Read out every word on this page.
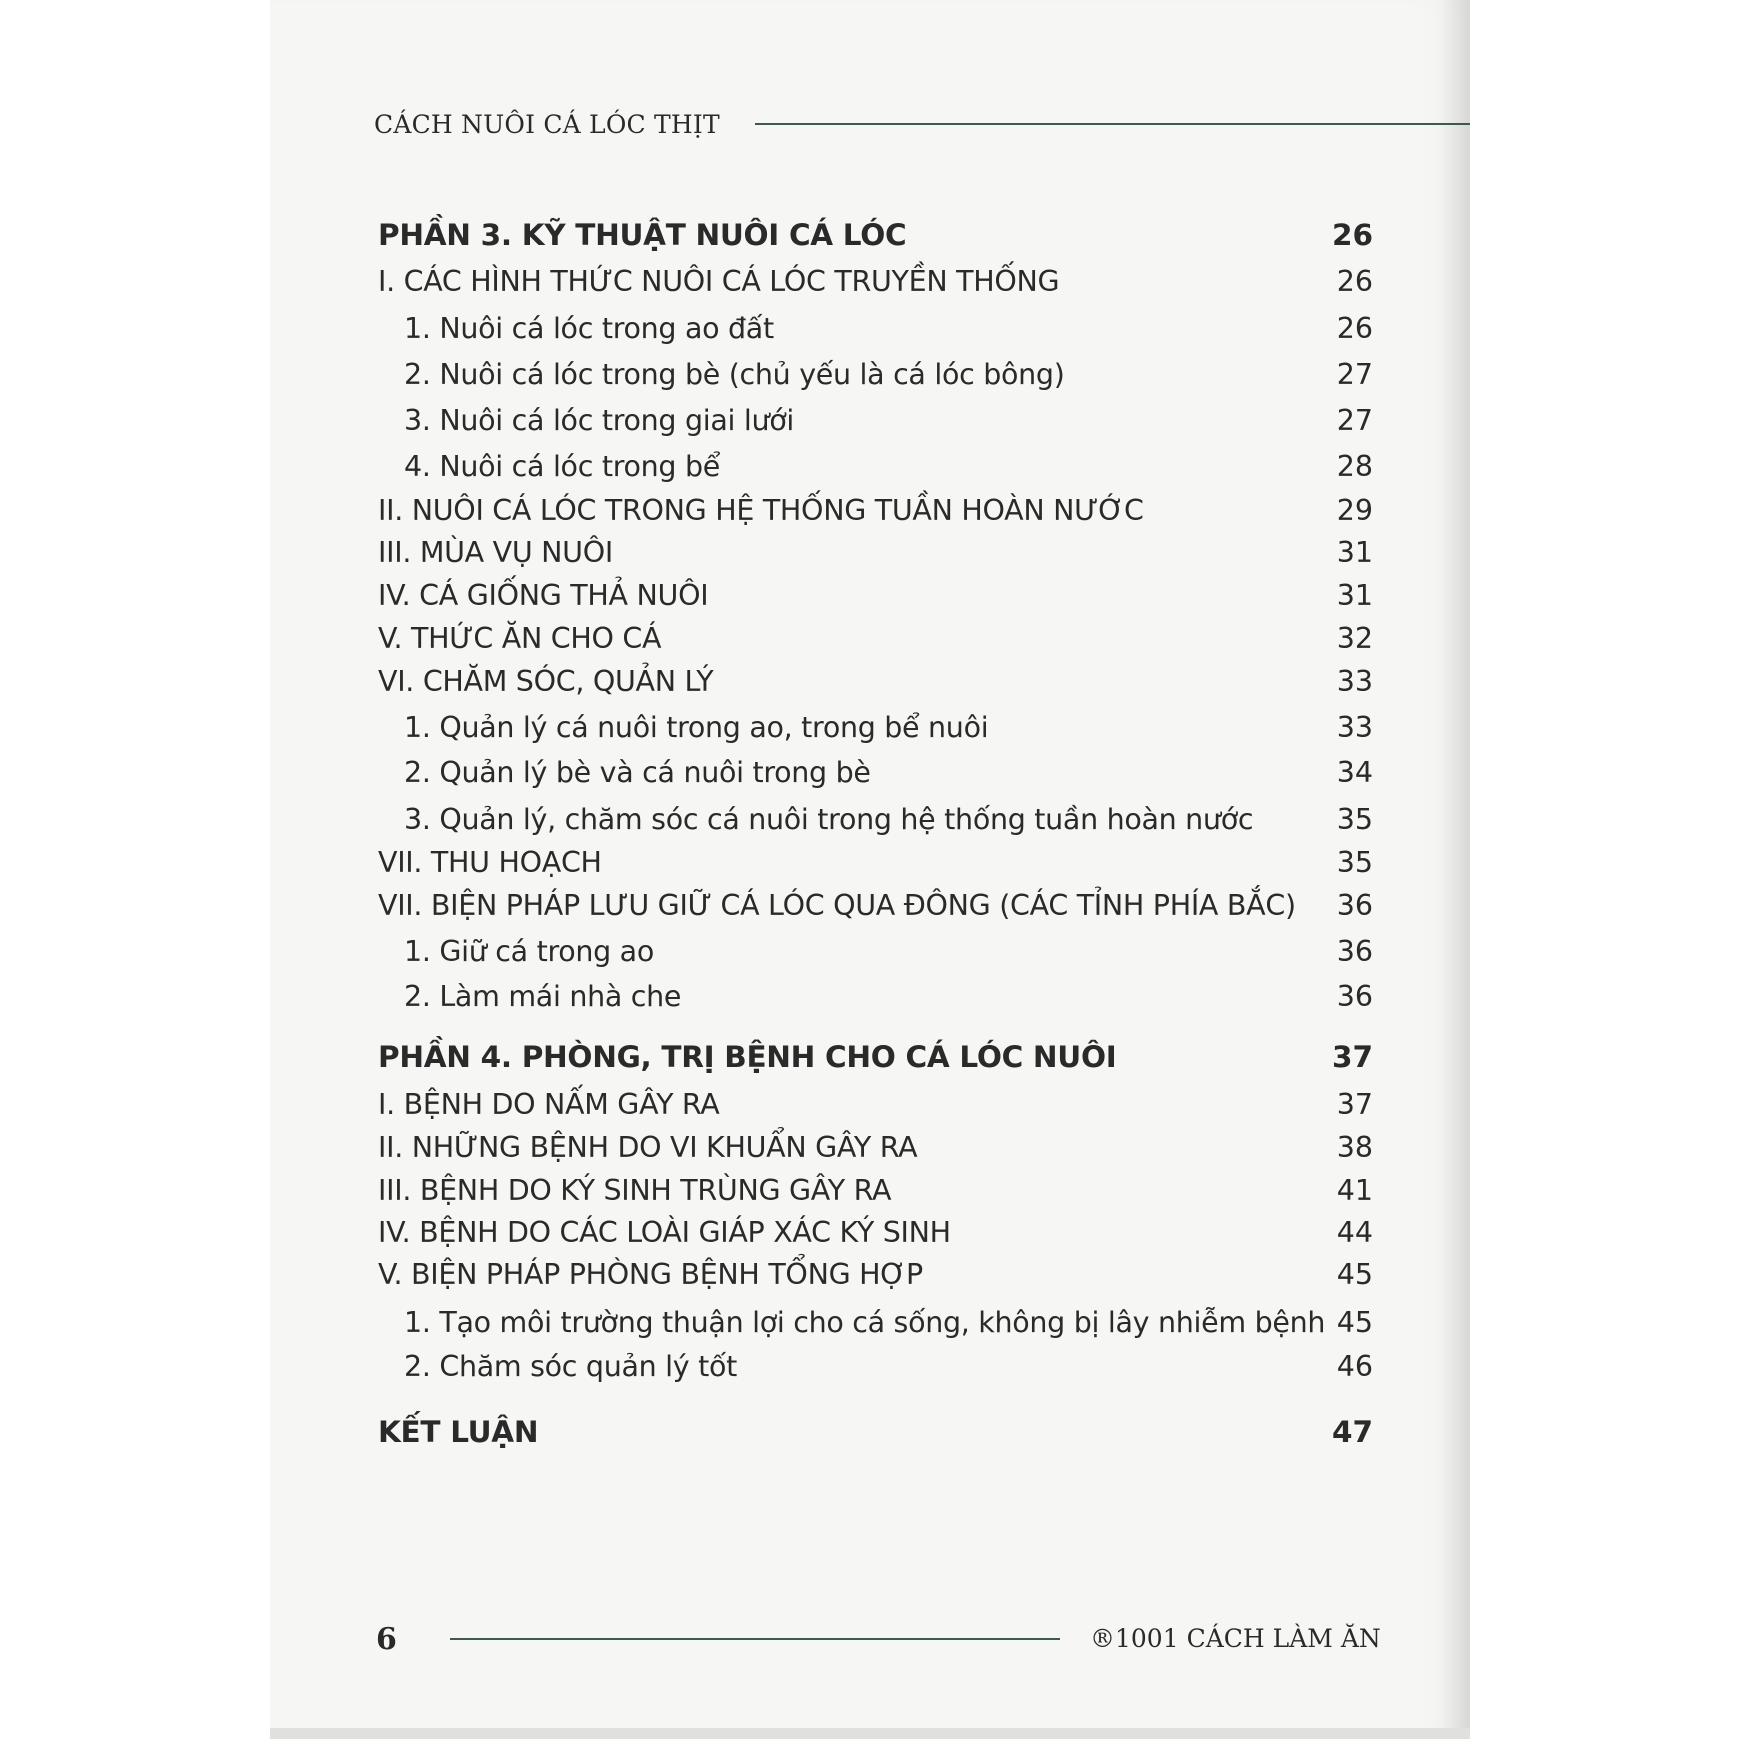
CÁCH NUÔI CÁ LÓC THỊT
PHẦN 3. KỸ THUẬT NUÔI CÁ LÓC	26
I. CÁC HÌNH THỨC NUÔI CÁ LÓC TRUYỀN THỐNG	26
1. Nuôi cá lóc trong ao đất	26
2. Nuôi cá lóc trong bè (chủ yếu là cá lóc bông)	27
3. Nuôi cá lóc trong giai lưới	27
4. Nuôi cá lóc trong bể	28
II. NUÔI CÁ LÓC TRONG HỆ THỐNG TUẦN HOÀN NƯỚC	29
III. MÙA VỤ NUÔI	31
IV. CÁ GIỐNG THẢ NUÔI	31
V. THỨC ĂN CHO CÁ	32
VI. CHĂM SÓC, QUẢN LÝ	33
1. Quản lý cá nuôi trong ao, trong bể nuôi	33
2. Quản lý bè và cá nuôi trong bè	34
3. Quản lý, chăm sóc cá nuôi trong hệ thống tuần hoàn nước	35
VII. THU HOẠCH	35
VII. BIỆN PHÁP LƯU GIỮ CÁ LÓC QUA ĐÔNG (CÁC TỈNH PHÍA BẮC) 36
1. Giữ cá trong ao	36
2. Làm mái nhà che	36
PHẦN 4. PHÒNG, TRỊ BỆNH CHO CÁ LÓC NUÔI	37
I. BỆNH DO NẤM GÂY RA	37
II. NHỮNG BỆNH DO VI KHUẨN GÂY RA	38
III. BỆNH DO KÝ SINH TRÙNG GÂY RA	41
IV. BỆNH DO CÁC LOÀI GIÁP XÁC KÝ SINH	44
V. BIỆN PHÁP PHÒNG BỆNH TỔNG HỢP	45
1. Tạo môi trường thuận lợi cho cá sống, không bị lây nhiễm bệnh 45
2. Chăm sóc quản lý tốt	46
KẾT LUẬN	47
6	®1001 CÁCH LÀM ĂN
